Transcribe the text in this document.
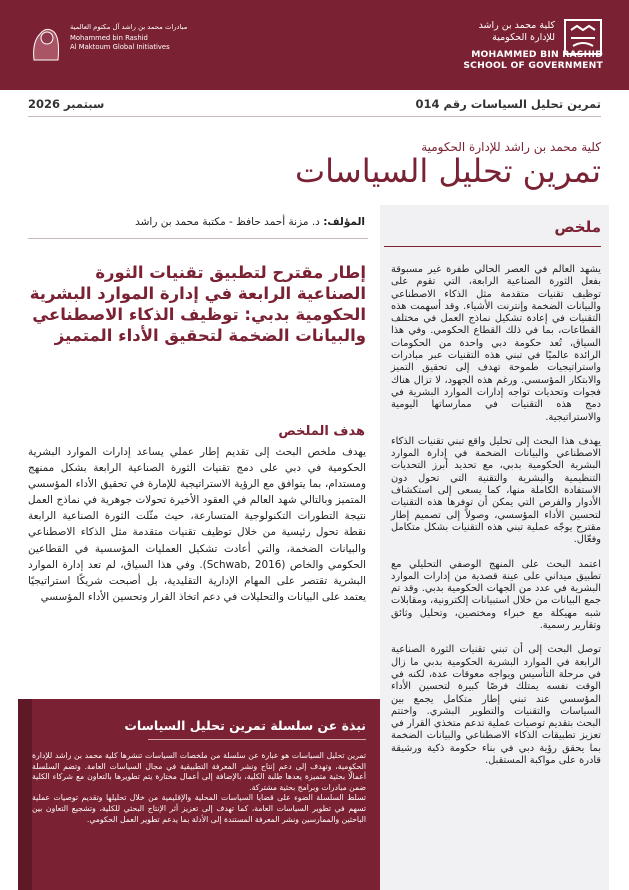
كلية محمد بن راشد
للإدارة الحكومية
MOHAMMED BIN RASHID
SCHOOL OF GOVERNMENT
مبادرات محمد بن راشد آل مكتوم العالمية
Mohammed bin Rashid
Al Maktoum Global Initiatives
تمرين تحليل السياسات رقم 014
سبتمبر 2026
كلية محمد بن راشد للإدارة الحكومية
تمرين تحليل السياسات
ملخص

يشهد العالم في العصر الحالي طفرة غير مسبوقة بفعل الثورة الصناعية الرابعة، التي تقوم على توظيف تقنيات متقدمة مثل الذكاء الاصطناعي والبيانات الضخمة وإنترنت الأشياء. وقد أسهمت هذه التقنيات في إعادة تشكيل نماذج العمل في مختلف القطاعات، بما في ذلك القطاع الحكومي. وفي هذا السياق، تُعد حكومة دبي واحدة من الحكومات الرائدة عالميًا في تبني هذه التقنيات عبر مبادرات واستراتيجيات طموحة تهدف إلى تحقيق التميز والابتكار المؤسسي. ورغم هذه الجهود، لا تزال هناك فجوات وتحديات تواجه إدارات الموارد البشرية في دمج هذه التقنيات في ممارساتها اليومية والاستراتيجية.

يهدف هذا البحث إلى تحليل واقع تبني تقنيات الذكاء الاصطناعي والبيانات الضخمة في إدارة الموارد البشرية الحكومية بدبي، مع تحديد أبرز التحديات التنظيمية والبشرية والتقنية التي تحول دون الاستفادة الكاملة منها، كما يسعى إلى استكشاف الأدوار والفرص التي يمكن أن توفرها هذه التقنيات لتحسين الأداء المؤسسي، وصولاً إلى تصميم إطار مقترح يوجّه عملية تبني هذه التقنيات بشكل متكامل وفعّال.

اعتمد البحث على المنهج الوصفي التحليلي مع تطبيق ميداني على عينة قصدية من إدارات الموارد البشرية في عدد من الجهات الحكومية بدبي. وقد تم جمع البيانات من خلال استبيانات إلكترونية، ومقابلات شبه مهيكلة مع خبراء ومختصين، وتحليل وثائق وتقارير رسمية.

توصل البحث إلى أن تبني تقنيات الثورة الصناعية الرابعة في الموارد البشرية الحكومية بدبي ما زال في مرحلة التأسيس ويواجه معوقات عدة، لكنه في الوقت نفسه يمتلك فرصًا كبيرة لتحسين الأداء المؤسسي عند تبني إطار متكامل يجمع بين السياسات والتقنيات والتطوير البشري. واختتم البحث بتقديم توصيات عملية تدعم متخذي القرار في تعزيز تطبيقات الذكاء الاصطناعي والبيانات الضخمة بما يحقق رؤية دبي في بناء حكومة ذكية ورشيقة قادرة على مواكبة المستقبل.

المؤلف: د. مزنة أحمد حافظ - مكتبة محمد بن راشد
إطار مقترح لتطبيق تقنيات الثورة الصناعية الرابعة في إدارة الموارد البشرية الحكومية بدبي: توظيف الذكاء الاصطناعي والبيانات الضخمة لتحقيق الأداء المتميز
هدف الملخص
يهدف ملخص البحث إلى تقديم إطار عملي يساعد إدارات الموارد البشرية الحكومية في دبي على دمج تقنيات الثورة الصناعية الرابعة بشكل ممنهج ومستدام، بما يتوافق مع الرؤية الاستراتيجية للإمارة في تحقيق الأداء المؤسسي المتميز وبالتالي شهد العالم في العقود الأخيرة تحولات جوهرية في نماذج العمل نتيجة التطورات التكنولوجية المتسارعة، حيث مثّلت الثورة الصناعية الرابعة نقطة تحول رئيسية من خلال توظيف تقنيات متقدمة مثل الذكاء الاصطناعي والبيانات الضخمة، والتي أعادت تشكيل العمليات المؤسسية في القطاعين الحكومي والخاص (Schwab, 2016). وفي هذا السياق، لم تعد إدارة الموارد البشرية تقتصر على المهام الإدارية التقليدية، بل أصبحت شريكًا استراتيجيًا يعتمد على البيانات والتحليلات في دعم اتخاذ القرار وتحسين الأداء المؤسسي
نبذة عن سلسلة تمرين تحليل السياسات

تمرين تحليل السياسات هو عبارة عن سلسلة من ملخصات السياسات تنشرها كلية محمد بن راشد للإدارة الحكومية، وتهدف إلى دعم إنتاج ونشر المعرفة التطبيقية في مجال السياسات العامة. وتضم السلسلة أعمالًا بحثية متميزة يعدها طلبة الكلية، بالإضافة إلى أعمال مختارة يتم تطويرها بالتعاون مع شركاء الكلية ضمن مبادرات وبرامج بحثية مشتركة.

تسلط السلسلة الضوء على قضايا السياسات المحلية والإقليمية من خلال تحليلها وتقديم توصيات عملية تسهم في تطوير السياسات العامة، كما تهدف إلى تعزيز أثر الإنتاج البحثي للكلية، وتشجيع التعاون بين الباحثين والممارسين ونشر المعرفة المستندة إلى الأدلة بما يدعم تطوير العمل الحكومي.
